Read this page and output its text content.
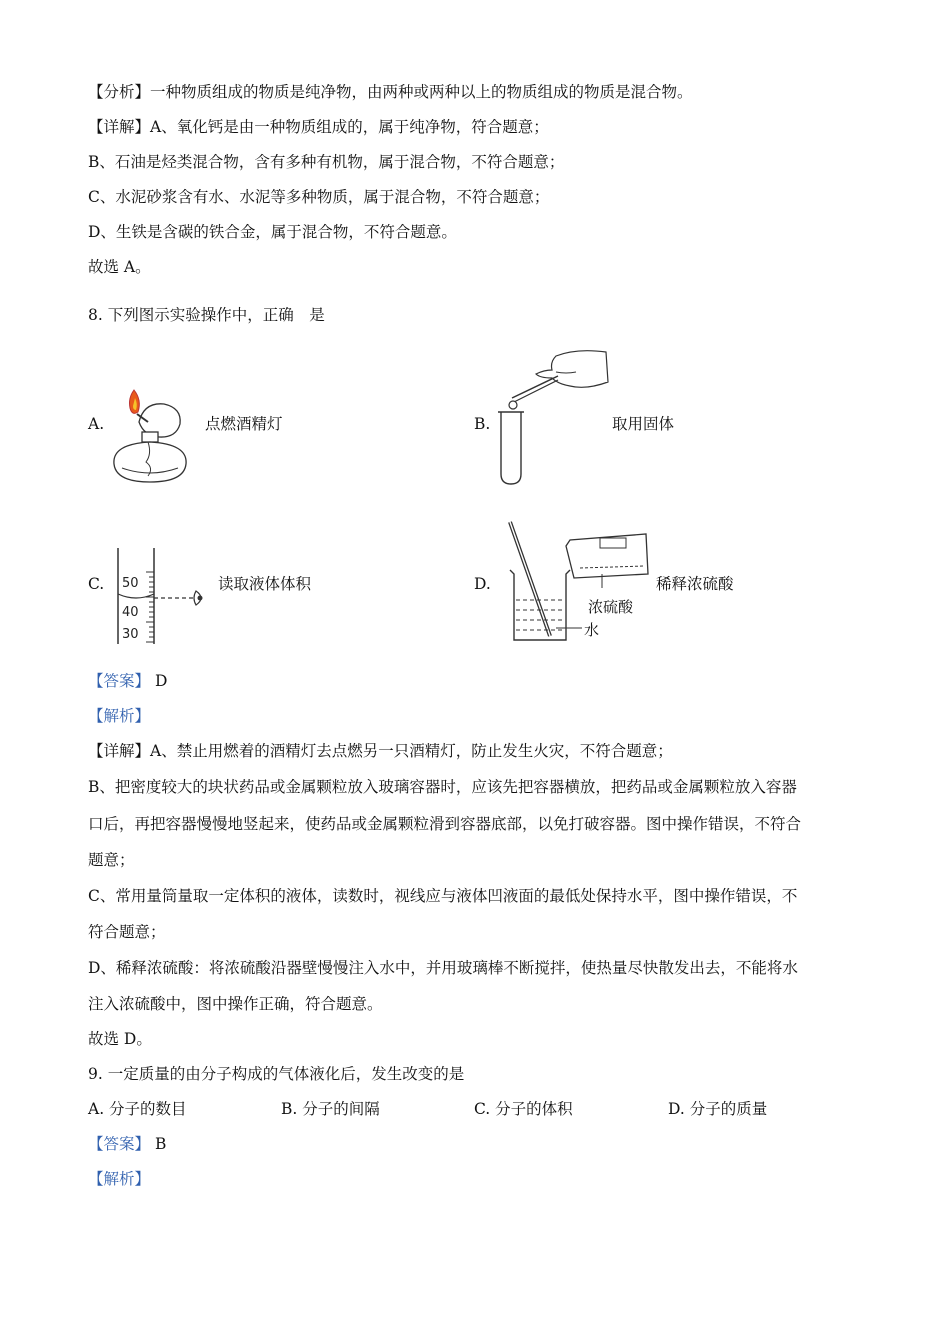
【分析】一种物质组成的物质是纯净物，由两种或两种以上的物质组成的物质是混合物。
【详解】A、氧化钙是由一种物质组成的，属于纯净物，符合题意；
B、石油是烃类混合物，含有多种有机物，属于混合物，不符合题意；
C、水泥砂浆含有水、水泥等多种物质，属于混合物，不符合题意；
D、生铁是含碳的铁合金，属于混合物，不符合题意。
故选 A。
8. 下列图示实验操作中，正确　是
A.	点燃酒精灯	B.	取用固体
C. 50
40
30
读取液体体积	D.
浓硫酸
水
稀释浓硫酸
【答案】 D
【解析】
【详解】A、禁止用燃着的酒精灯去点燃另一只酒精灯，防止发生火灾，不符合题意；
B、把密度较大的块状药品或金属颗粒放入玻璃容器时，应该先把容器横放，把药品或金属颗粒放入容器
口后，再把容器慢慢地竖起来，使药品或金属颗粒滑到容器底部，以免打破容器。图中操作错误，不符合
题意；
C、常用量筒量取一定体积的液体，读数时，视线应与液体凹液面的最低处保持水平，图中操作错误，不
符合题意；
D、稀释浓硫酸：将浓硫酸沿器壁慢慢注入水中，并用玻璃棒不断搅拌，使热量尽快散发出去，不能将水
注入浓硫酸中，图中操作正确，符合题意。
故选 D。
9. 一定质量的由分子构成的气体液化后，发生改变的是
A. 分子的数目	B. 分子的间隔	C. 分子的体积	D. 分子的质量
【答案】 B
【解析】
